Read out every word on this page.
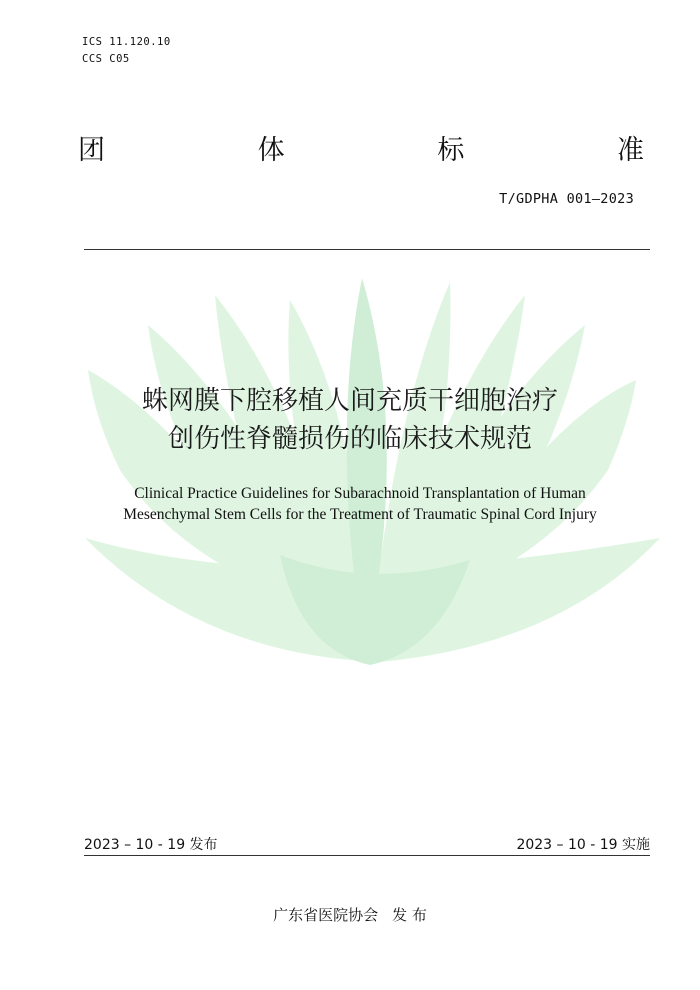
ICS 11.120.10
CCS C05
团	体	标	准
T/GDPHA 001—2023
蛛网膜下腔移植人间充质干细胞治疗
创伤性脊髓损伤的临床技术规范
Clinical Practice Guidelines for Subarachnoid Transplantation of Human
Mesenchymal Stem Cells for the Treatment of Traumatic Spinal Cord Injury
2023 – 10 - 19 发布	2023 – 10 - 19 实施
广东省医院协会 发 布
